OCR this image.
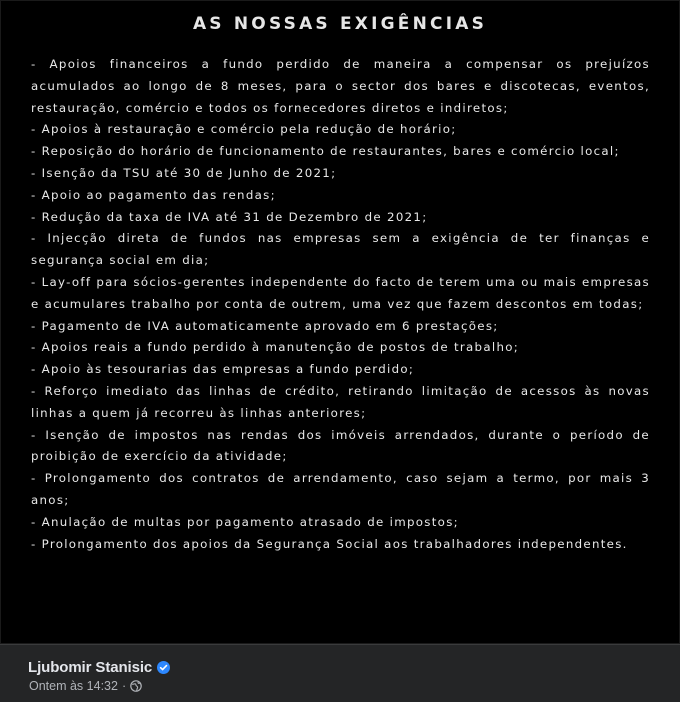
AS NOSSAS EXIGÊNCIAS
- Apoios financeiros a fundo perdido de maneira a compensar os prejuízos acumulados ao longo de 8 meses, para o sector dos bares e discotecas, eventos, restauração, comércio e todos os fornecedores diretos e indiretos;
- Apoios à restauração e comércio pela redução de horário;
- Reposição do horário de funcionamento de restaurantes, bares e comércio local;
- Isenção da TSU até 30 de Junho de 2021;
- Apoio ao pagamento das rendas;
- Redução da taxa de IVA até 31 de Dezembro de 2021;
- Injecção direta de fundos nas empresas sem a exigência de ter finanças e segurança social em dia;
- Lay-off para sócios-gerentes independente do facto de terem uma ou mais empresas e acumulares trabalho por conta de outrem, uma vez que fazem descontos em todas;
- Pagamento de IVA automaticamente aprovado em 6 prestações;
- Apoios reais a fundo perdido à manutenção de postos de trabalho;
- Apoio às tesourarias das empresas a fundo perdido;
- Reforço imediato das linhas de crédito, retirando limitação de acessos às novas linhas a quem já recorreu às linhas anteriores;
- Isenção de impostos nas rendas dos imóveis arrendados, durante o período de proibição de exercício da atividade;
- Prolongamento dos contratos de arrendamento, caso sejam a termo, por mais 3 anos;
- Anulação de multas por pagamento atrasado de impostos;
- Prolongamento dos apoios da Segurança Social aos trabalhadores independentes.
Ljubomir Stanisic
Ontem às 14:32 ·
